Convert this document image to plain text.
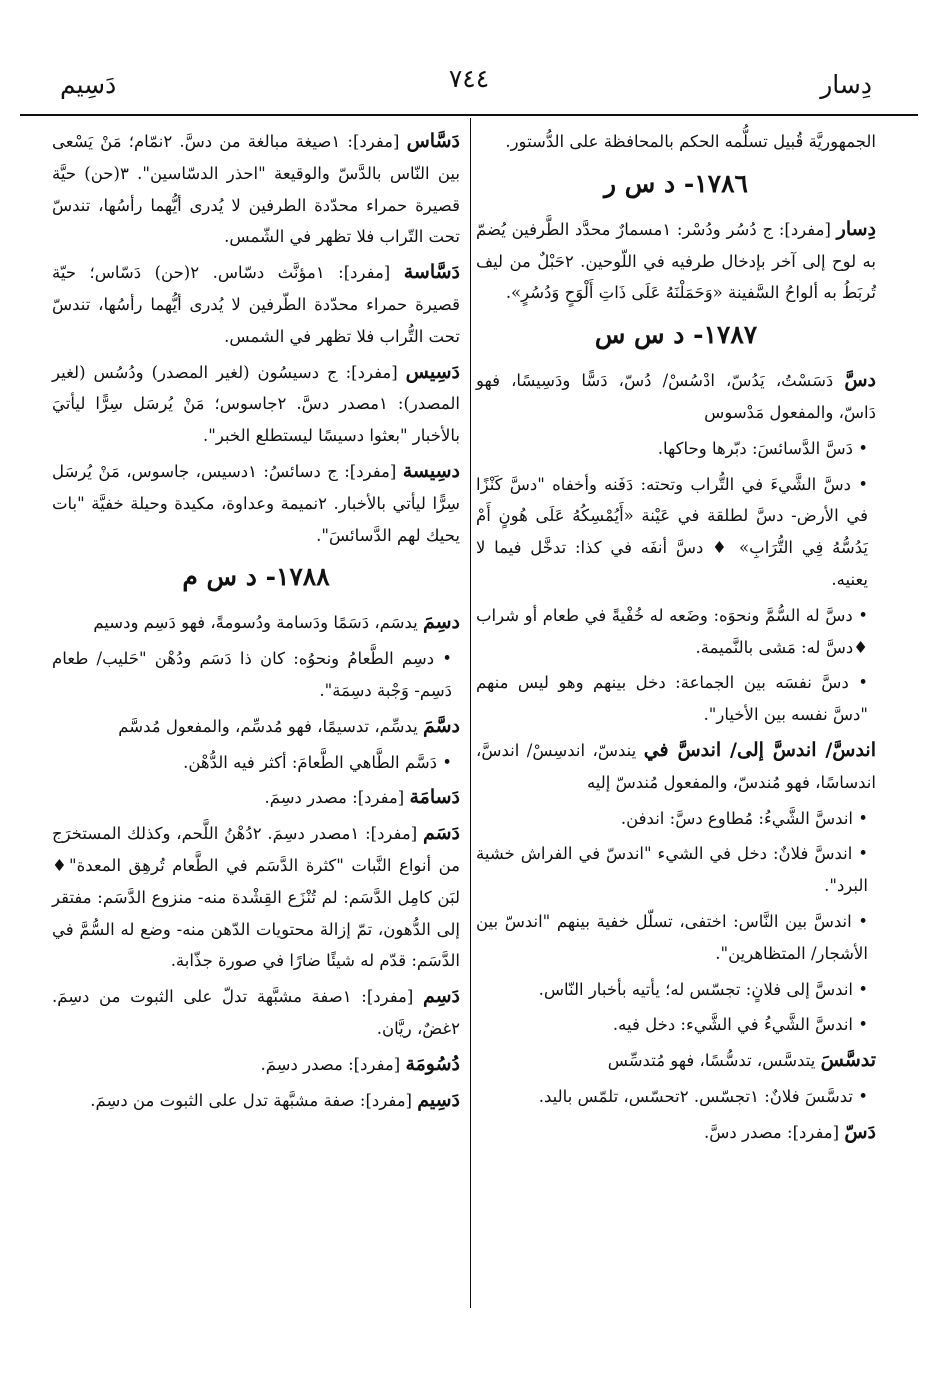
دِسار
٧٤٤
دَسِيم
الجمهوريَّة قُبيل تسلُّمه الحكم بالمحافظة على الدُّستور.
١٧٨٦- د س ر
دِسار [مفرد]: ج دُسُر ودُسْر: ١مسمارٌ محدَّد الطَّرفين يُضمّ به لوح إلى آخر بإدخال طرفيه في اللّوحين. ٢حَبْلٌ من ليف تُربَطُ به ألواحُ السَّفينة «وَحَمَلْنَهُ عَلَى ذَاتِ أَلْوَحٍ وَدُسُرٍ».
١٧٨٧- د س س
دسَّ دَسَسْتُ، يَدُسّ، ادْسُسْ/ دُسّ، دَسًّا ودَسِيسًا، فهو دَاسّ، والمفعول مَدْسوس
• دَسَّ الدَّسائسَ: دبّرها وحاكها.
• دسَّ الشَّيءَ في التُّراب وتحته: دَفَنه وأخفاه "دسَّ كَنْزًا في الأرض- دسَّ لطلقة في عَيْنة «أَيُمْسِكُهُ عَلَى هُونٍ أَمْ يَدُسُّهُ فِي التُّرَابِ» ♦ دسَّ أنفَه في كذا: تدخَّل فيما لا يعنيه.
• دسَّ له السُّمَّ ونحوَه: وضَعه له خُفْيةً في طعام أو شراب ♦دسَّ له: مَشى بالنَّميمة.
• دسَّ نفسَه بين الجماعة: دخل بينهم وهو ليس منهم "دسَّ نفسه بين الأخيار".
اندسَّ/ اندسَّ إلى/ اندسَّ في يندسّ، اندسِسْ/ اندسَّ، اندساسًا، فهو مُندسّ، والمفعول مُندسّ إليه
• اندسَّ الشَّيءُ: مُطاوع دسَّ: اندفن.
• اندسَّ فلانٌ: دخل في الشيء "اندسّ في الفراش خشية البرد".
• اندسَّ بين النَّاس: اختفى، تسلّل خفية بينهم "اندسّ بين الأشجار/ المتظاهرين".
• اندسَّ إلى فلانٍ: تجسّس له؛ يأتيه بأخبار النّاس.
• اندسَّ الشَّيءُ في الشَّيء: دخل فيه.
تدسَّسَ يتدسَّس، تدسُّسًا، فهو مُتدسِّس
• تدسَّسَ فلانٌ: ١تجسّس. ٢تحسّس، تلمّس باليد.
دَسّ [مفرد]: مصدر دسَّ.
دَسَّاس [مفرد]: ١صيغة مبالغة من دسَّ. ٢نمّام؛ مَنْ يَسْعى بين النّاس بالدَّسّ والوقيعة "احذر الدسّاسين". ٣(حن) حيَّة قصيرة حمراء محدّدة الطرفين لا يُدرى أيُّهما رأسُها، تندسّ تحت التّراب فلا تظهر في الشّمس.
دَسَّاسة [مفرد]: ١مؤنَّث دسّاس. ٢(حن) دَسّاس؛ حيّة قصيرة حمراء محدّدة الطّرفين لا يُدرى أيُّهما رأسُها، تندسّ تحت التُّراب فلا تظهر في الشمس.
دَسِيس [مفرد]: ج دسيسُون (لغير المصدر) ودُسُس (لغير المصدر): ١مصدر دسَّ. ٢جاسوس؛ مَنْ يُرسَل سِرًّا ليأتيَ بالأخبار "بعثوا دسيسًا ليستطلع الخبر".
دسِيسة [مفرد]: ج دسائسُ: ١دسيس، جاسوس، مَنْ يُرسَل سِرًّا ليأتي بالأخبار. ٢نميمة وعداوة، مكيدة وحيلة خفيَّة "بات يحيك لهم الدَّسائسَ".
١٧٨٨- د س م
دسِمَ يدسَم، دَسَمًا ودَسامة ودُسومةً، فهو دَسِم ودسيم
• دسِم الطَّعامُ ونحوُه: كان ذا دَسَم ودُهْن "حَليب/ طعام دَسِم- وَجْبة دسِمَة".
دسَّمَ يدسِّم، تدسيمًا، فهو مُدسِّم، والمفعول مُدسَّم
• دَسَّم الطَّاهي الطَّعامَ: أكثر فيه الدُّهْن.
دَسامَة [مفرد]: مصدر دسِمَ.
دَسَم [مفرد]: ١مصدر دسِمَ. ٢دُهْنُ اللَّحم، وكذلك المستخرَج من أنواع النَّبات "كثرة الدَّسَم في الطَّعام تُرهِق المعدة"♦ لبَن كامِل الدَّسَم: لم تُنْزَع القِشْدة منه- منزوع الدَّسَم: مفتقر إلى الدُّهون، تمّ إزالة محتويات الدّهن منه- وضع له السُّمَّ في الدَّسَم: قدّم له شيئًا ضارًا في صورة جذّابة.
دَسِم [مفرد]: ١صفة مشبَّهة تدلّ على الثبوت من دسِمَ. ٢غضٌ، ريَّان.
دُسُومَة [مفرد]: مصدر دسِمَ.
دَسِيم [مفرد]: صفة مشبَّهة تدل على الثبوت من دسِمَ.
